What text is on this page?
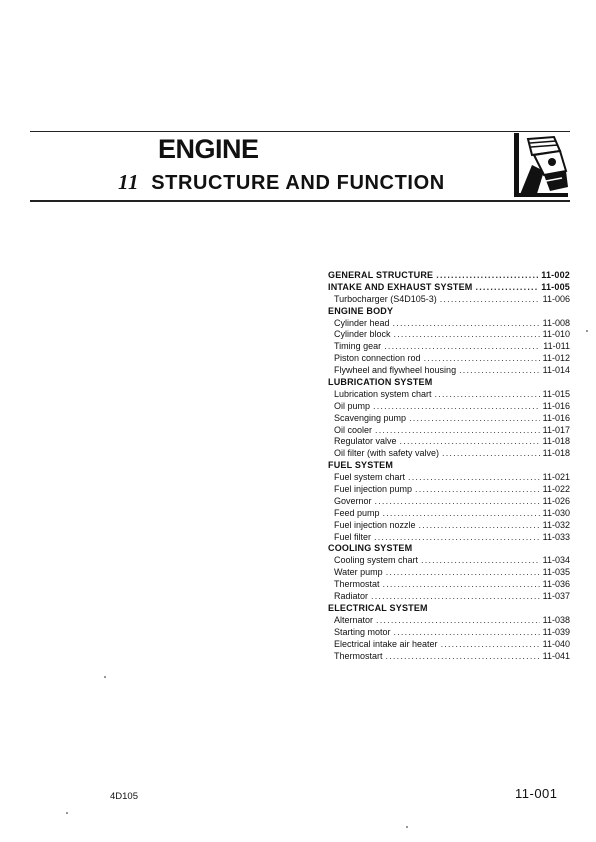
ENGINE
11 STRUCTURE AND FUNCTION
GENERAL STRUCTURE .....	11-002
INTAKE AND EXHAUST SYSTEM .....	11-005
Turbocharger (S4D105-3) .....	11-006
ENGINE BODY
Cylinder head .....	11-008
Cylinder block .....	11-010
Timing gear .....	11-011
Piston connection rod .....	11-012
Flywheel and flywheel housing .....	11-014
LUBRICATION SYSTEM
Lubrication system chart .....	11-015
Oil pump .....	11-016
Scavenging pump .....	11-016
Oil cooler .....	11-017
Regulator valve .....	11-018
Oil filter (with safety valve) .....	11-018
FUEL SYSTEM
Fuel system chart .....	11-021
Fuel injection pump .....	11-022
Governor .....	11-026
Feed pump .....	11-030
Fuel injection nozzle .....	11-032
Fuel filter .....	11-033
COOLING SYSTEM
Cooling system chart .....	11-034
Water pump .....	11-035
Thermostat .....	11-036
Radiator .....	11-037
ELECTRICAL SYSTEM
Alternator .....	11-038
Starting motor .....	11-039
Electrical intake air heater .....	11-040
Thermostart .....	11-041
4D105	11-001
